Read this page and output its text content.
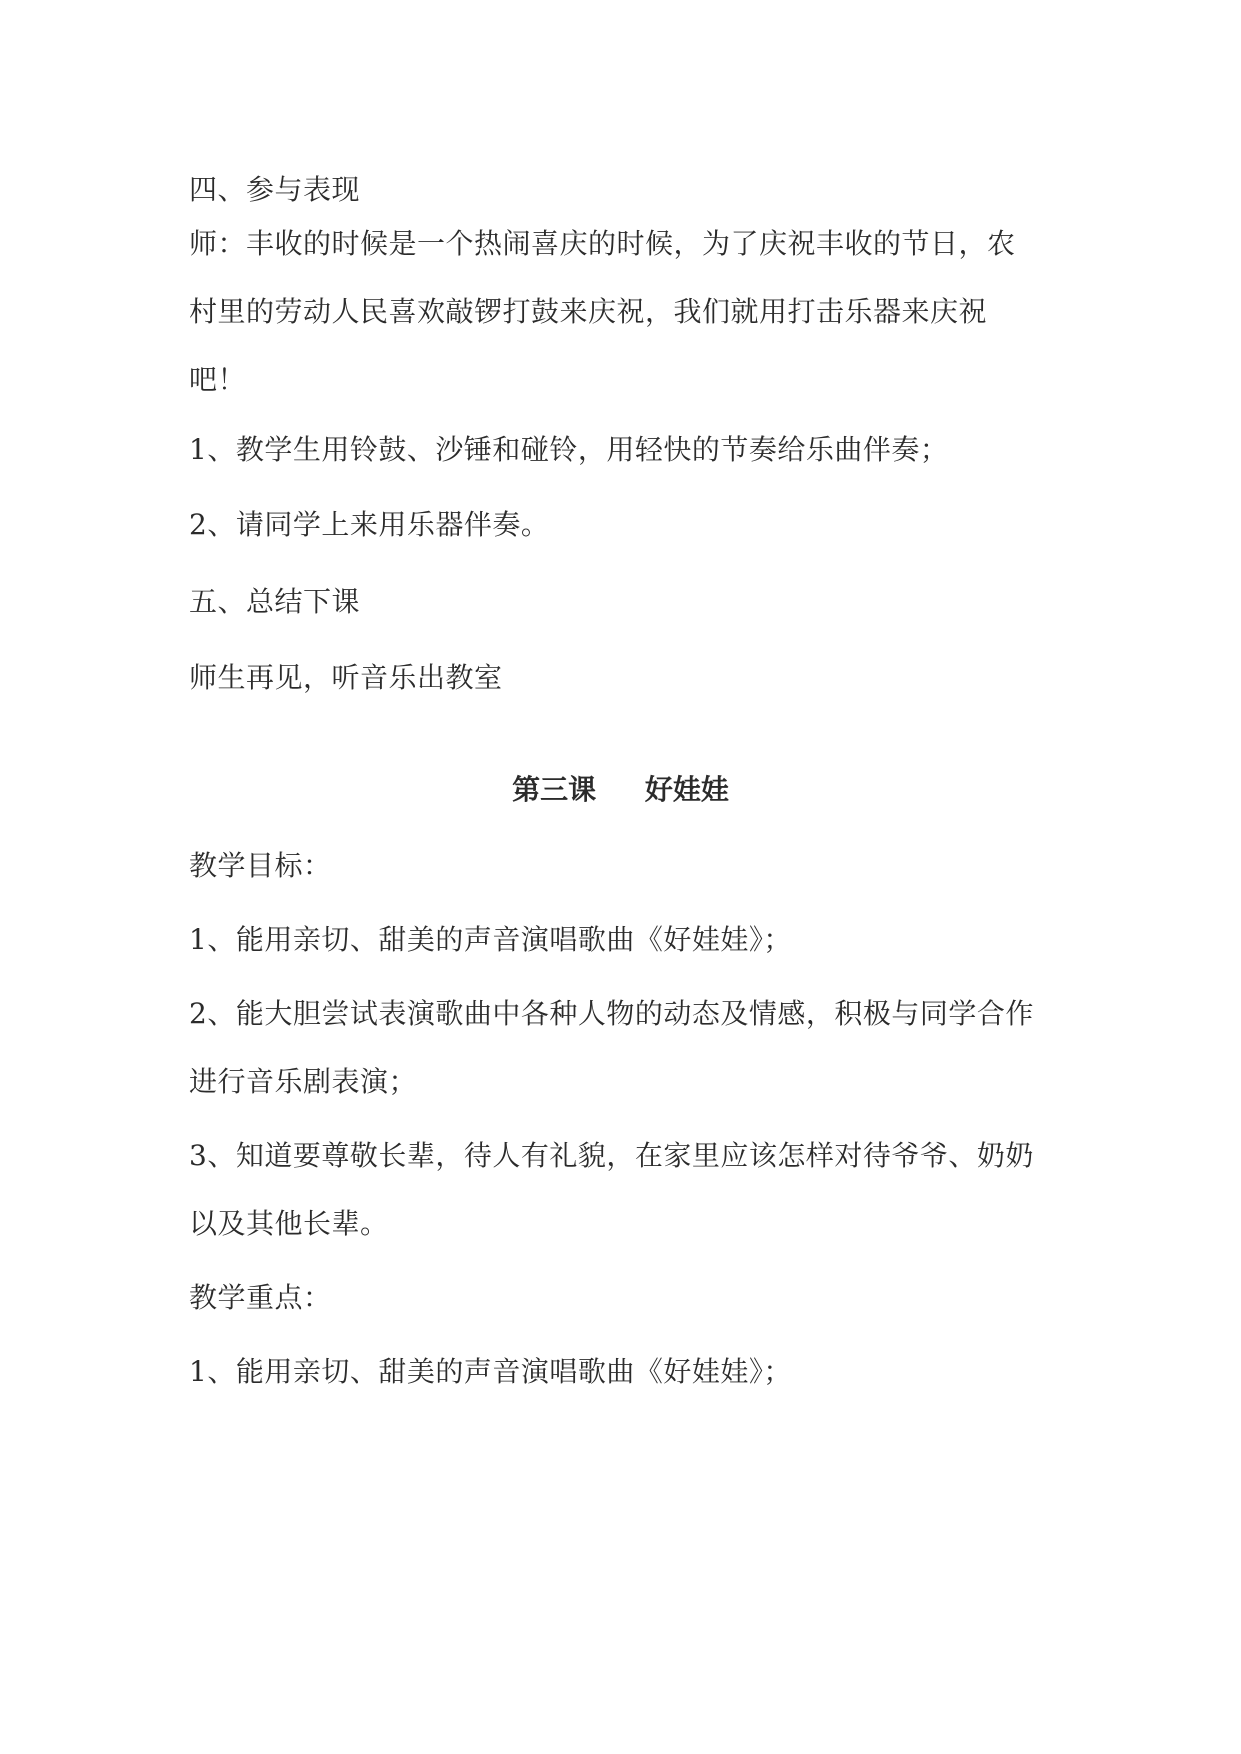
四、参与表现
师：丰收的时候是一个热闹喜庆的时候，为了庆祝丰收的节日，农
村里的劳动人民喜欢敲锣打鼓来庆祝，我们就用打击乐器来庆祝
吧！
1、教学生用铃鼓、沙锤和碰铃，用轻快的节奏给乐曲伴奏；
2、请同学上来用乐器伴奏。
五、总结下课
师生再见，听音乐出教室
第三课     好娃娃
教学目标：
1、能用亲切、甜美的声音演唱歌曲《好娃娃》；
2、能大胆尝试表演歌曲中各种人物的动态及情感，积极与同学合作
进行音乐剧表演；
3、知道要尊敬长辈，待人有礼貌，在家里应该怎样对待爷爷、奶奶
以及其他长辈。
教学重点：
1、能用亲切、甜美的声音演唱歌曲《好娃娃》；
